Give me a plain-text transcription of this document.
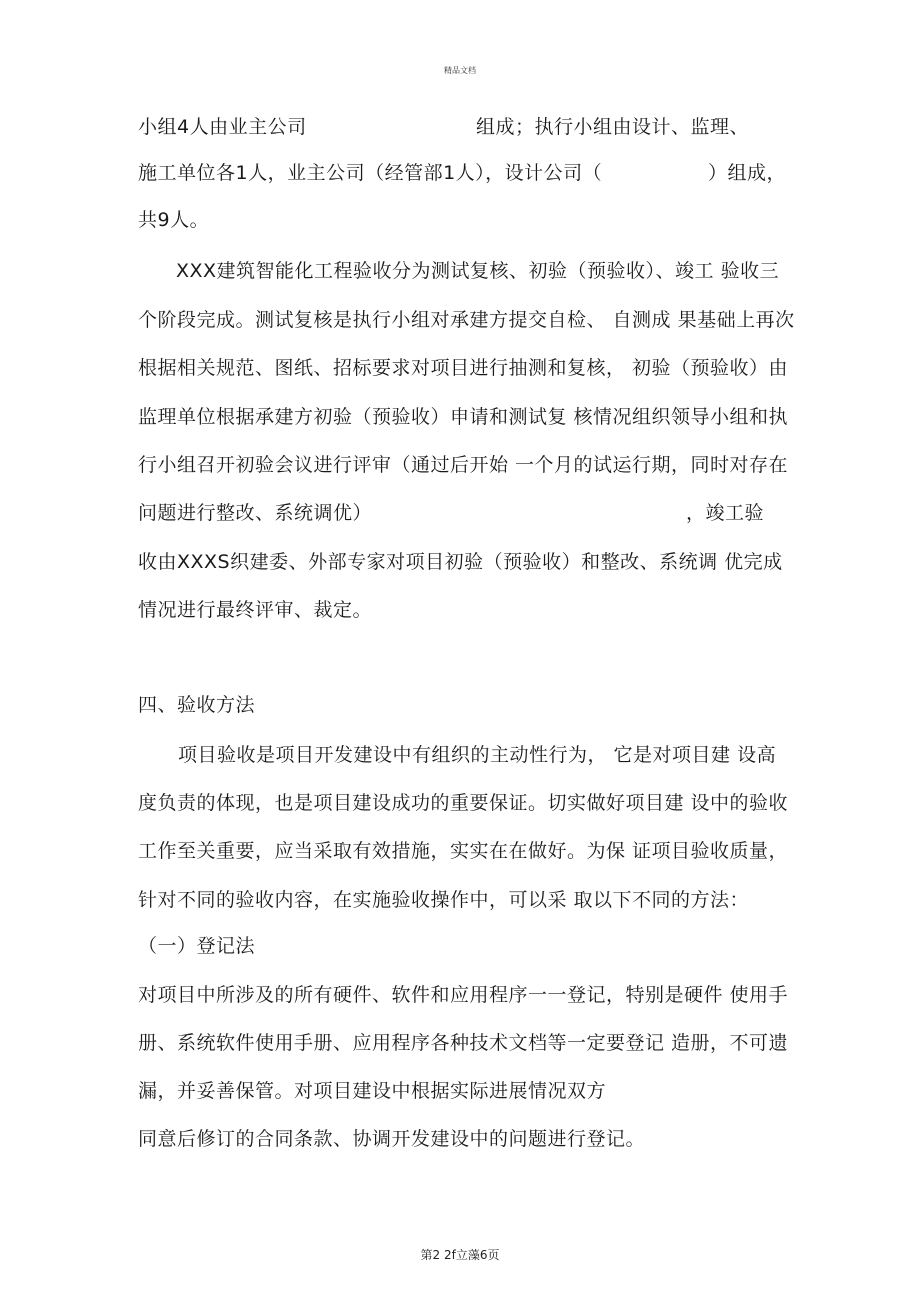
精品文档

小组4人由业主公司	组成；执行小组由设计、监理、

施工单位各1人，业主公司（经管部1人），设计公司（	）组成，

共9人。

XXX建筑智能化工程验收分为测试复核、初验（预验收）、竣工 验收三

个阶段完成。测试复核是执行小组对承建方提交自检、 自测成 果基础上再次

根据相关规范、图纸、招标要求对项目进行抽测和复核， 初验（预验收）由

监理单位根据承建方初验（预验收）申请和测试复 核情况组织领导小组和执

行小组召开初验会议进行评审（通过后开始 一个月的试运行期，同时对存在

问题进行整改、系统调优）	，竣工验

收由XXXS织建委、外部专家对项目初验（预验收）和整改、系统调 优完成

情况进行最终评审、裁定。

四、验收方法

项目验收是项目开发建设中有组织的主动性行为， 它是对项目建 设高

度负责的体现，也是项目建设成功的重要保证。切实做好项目建 设中的验收

工作至关重要，应当采取有效措施，实实在在做好。为保 证项目验收质量，

针对不同的验收内容，在实施验收操作中，可以采 取以下不同的方法：

（一）登记法

对项目中所涉及的所有硬件、软件和应用程序一一登记，特别是硬件 使用手

册、系统软件使用手册、应用程序各种技术文档等一定要登记 造册，不可遗

漏，并妥善保管。对项目建设中根据实际进展情况双方

同意后修订的合同条款、协调开发建设中的问题进行登记。

第2 2f立藻6页
